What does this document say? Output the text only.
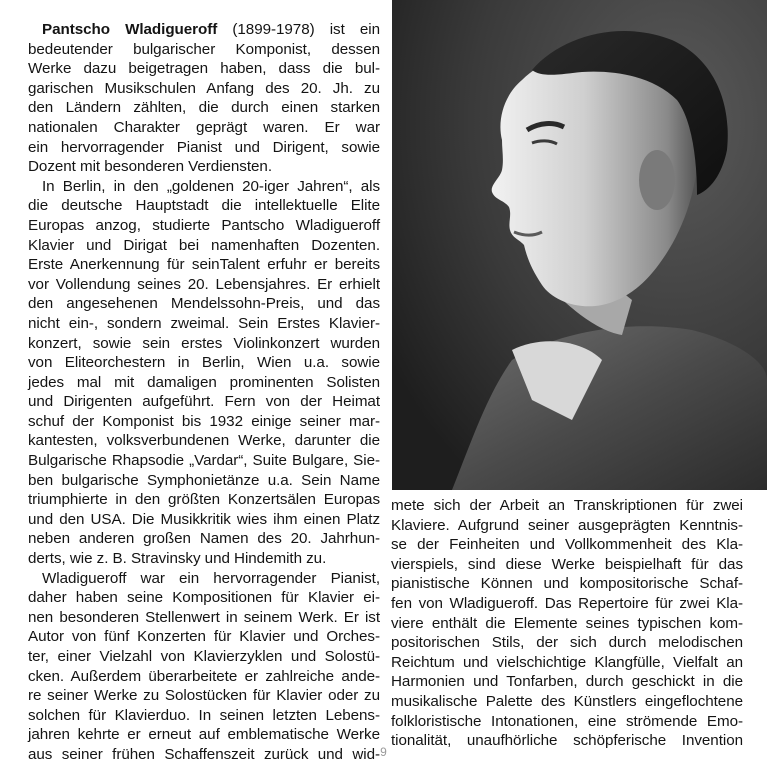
Pantscho Wladigueroff (1899-1978) ist ein
bedeutender bulgarischer Komponist, dessen
Werke dazu beigetragen haben, dass die bul-
garischen Musikschulen Anfang des 20. Jh. zu
den Ländern zählten, die durch einen starken
nationalen Charakter geprägt waren. Er war
ein hervorragender Pianist und Dirigent, sowie
Dozent mit besonderen Verdiensten.
In Berlin, in den „goldenen 20-iger Jahren“, als
die deutsche Hauptstadt die intellektuelle Elite
Europas anzog, studierte Pantscho Wladigueroff
Klavier und Dirigat bei namenhaften Dozenten.
Erste Anerkennung für seinTalent erfuhr er bereits
vor Vollendung seines 20. Lebensjahres. Er erhielt
den angesehenen Mendelssohn-Preis, und das
nicht ein-, sondern zweimal. Sein Erstes Klavier-
konzert, sowie sein erstes Violinkonzert wurden
von Eliteorchestern in Berlin, Wien u.a. sowie
jedes mal mit damaligen prominenten Solisten
und Dirigenten aufgeführt. Fern von der Heimat
schuf der Komponist bis 1932 einige seiner mar-
kantesten, volksverbundenen Werke, darunter die
Bulgarische Rhapsodie „Vardar“, Suite Bulgare, Sie-
ben bulgarische Symphonietänze u.a. Sein Name
triumphierte in den größten Konzertsälen Europas
und den USA. Die Musikkritik wies ihm einen Platz
neben anderen großen Namen des 20. Jahrhun-
derts, wie z. B. Stravinsky und Hindemith zu.
Wladigueroff war ein hervorragender Pianist,
daher haben seine Kompositionen für Klavier ei-
nen besonderen Stellenwert in seinem Werk. Er ist
Autor von fünf Konzerten für Klavier und Orches-
ter, einer Vielzahl von Klavierzyklen und Solostü-
cken. Außerdem überarbeitete er zahlreiche ande-
re seiner Werke zu Solostücken für Klavier oder zu
solchen für Klavierduo. In seinen letzten Lebens-
jahren kehrte er erneut auf emblematische Werke
aus seiner frühen Schaffenszeit zurück und wid-
mete sich der Arbeit an Transkriptionen für zwei
Klaviere. Aufgrund seiner ausgeprägten Kenntnis-
se der Feinheiten und Vollkommenheit des Kla-
vierspiels, sind diese Werke beispielhaft für das
pianistische Können und kompositorische Schaf-
fen von Wladigueroff. Das Repertoire für zwei Kla-
viere enthält die Elemente seines typischen kom-
positorischen Stils, der sich durch melodischen
Reichtum und vielschichtige Klangfülle, Vielfalt an
Harmonien und Tonfarben, durch geschickt in die
musikalische Palette des Künstlers eingeflochtene
folkloristische Intonationen, eine strömende Emo-
tionalität, unaufhörliche schöpferische Invention
9
